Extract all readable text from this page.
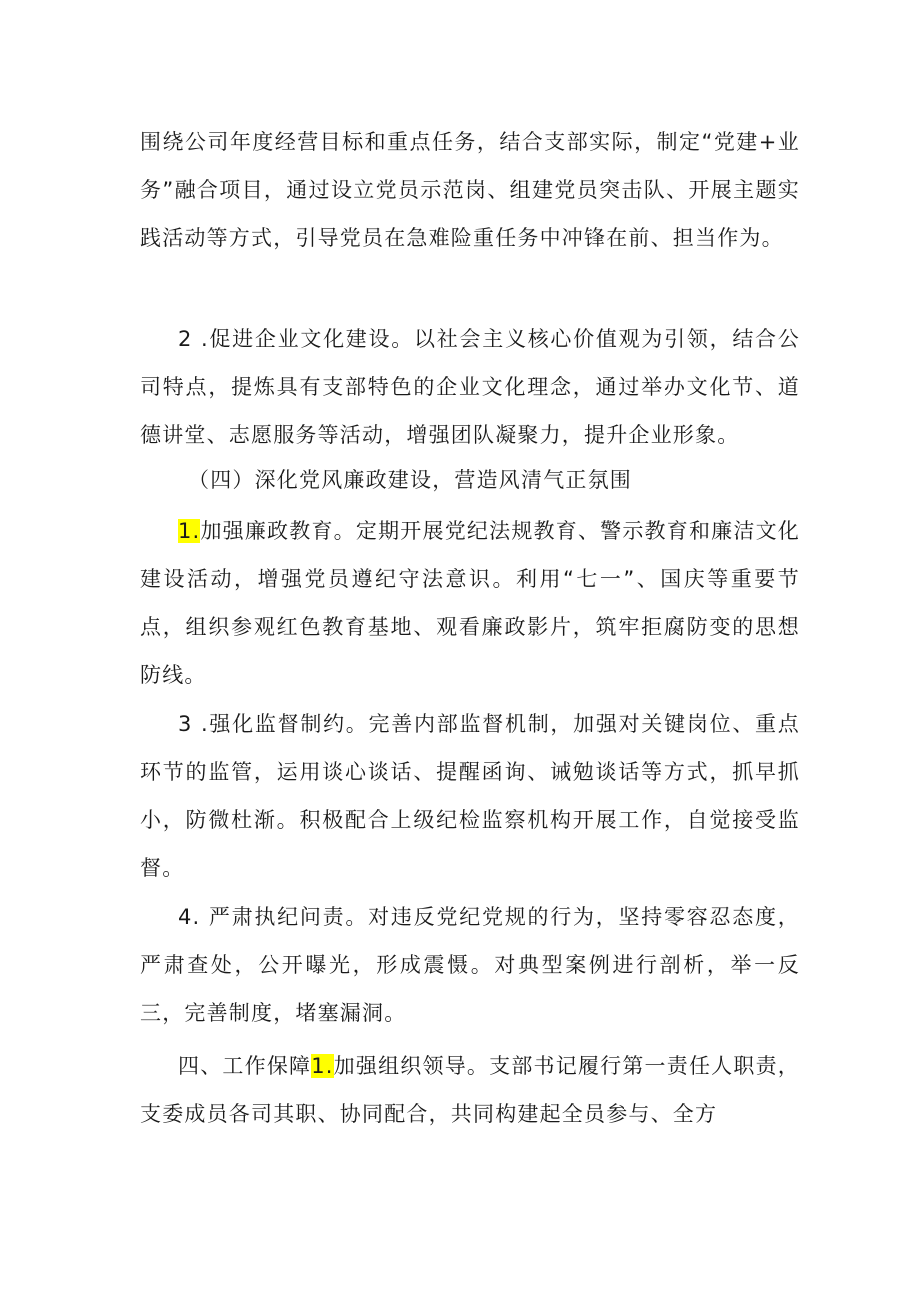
围绕公司年度经营目标和重点任务，结合支部实际，制定“党建+业务”融合项目，通过设立党员示范岗、组建党员突击队、开展主题实践活动等方式，引导党员在急难险重任务中冲锋在前、担当作为。

2 .促进企业文化建设。以社会主义核心价值观为引领，结合公司特点，提炼具有支部特色的企业文化理念，通过举办文化节、道德讲堂、志愿服务等活动，增强团队凝聚力，提升企业形象。

（四）深化党风廉政建设，营造风清气正氛围

1.加强廉政教育。定期开展党纪法规教育、警示教育和廉洁文化建设活动，增强党员遵纪守法意识。利用“七一”、国庆等重要节点，组织参观红色教育基地、观看廉政影片，筑牢拒腐防变的思想防线。

3 .强化监督制约。完善内部监督机制，加强对关键岗位、重点环节的监管，运用谈心谈话、提醒函询、诫勉谈话等方式，抓早抓小，防微杜渐。积极配合上级纪检监察机构开展工作，自觉接受监督。

4. 严肃执纪问责。对违反党纪党规的行为，坚持零容忍态度，严肃查处，公开曝光，形成震慑。对典型案例进行剖析，举一反三，完善制度，堵塞漏洞。

四、工作保障1.加强组织领导。支部书记履行第一责任人职责，支委成员各司其职、协同配合，共同构建起全员参与、全方
